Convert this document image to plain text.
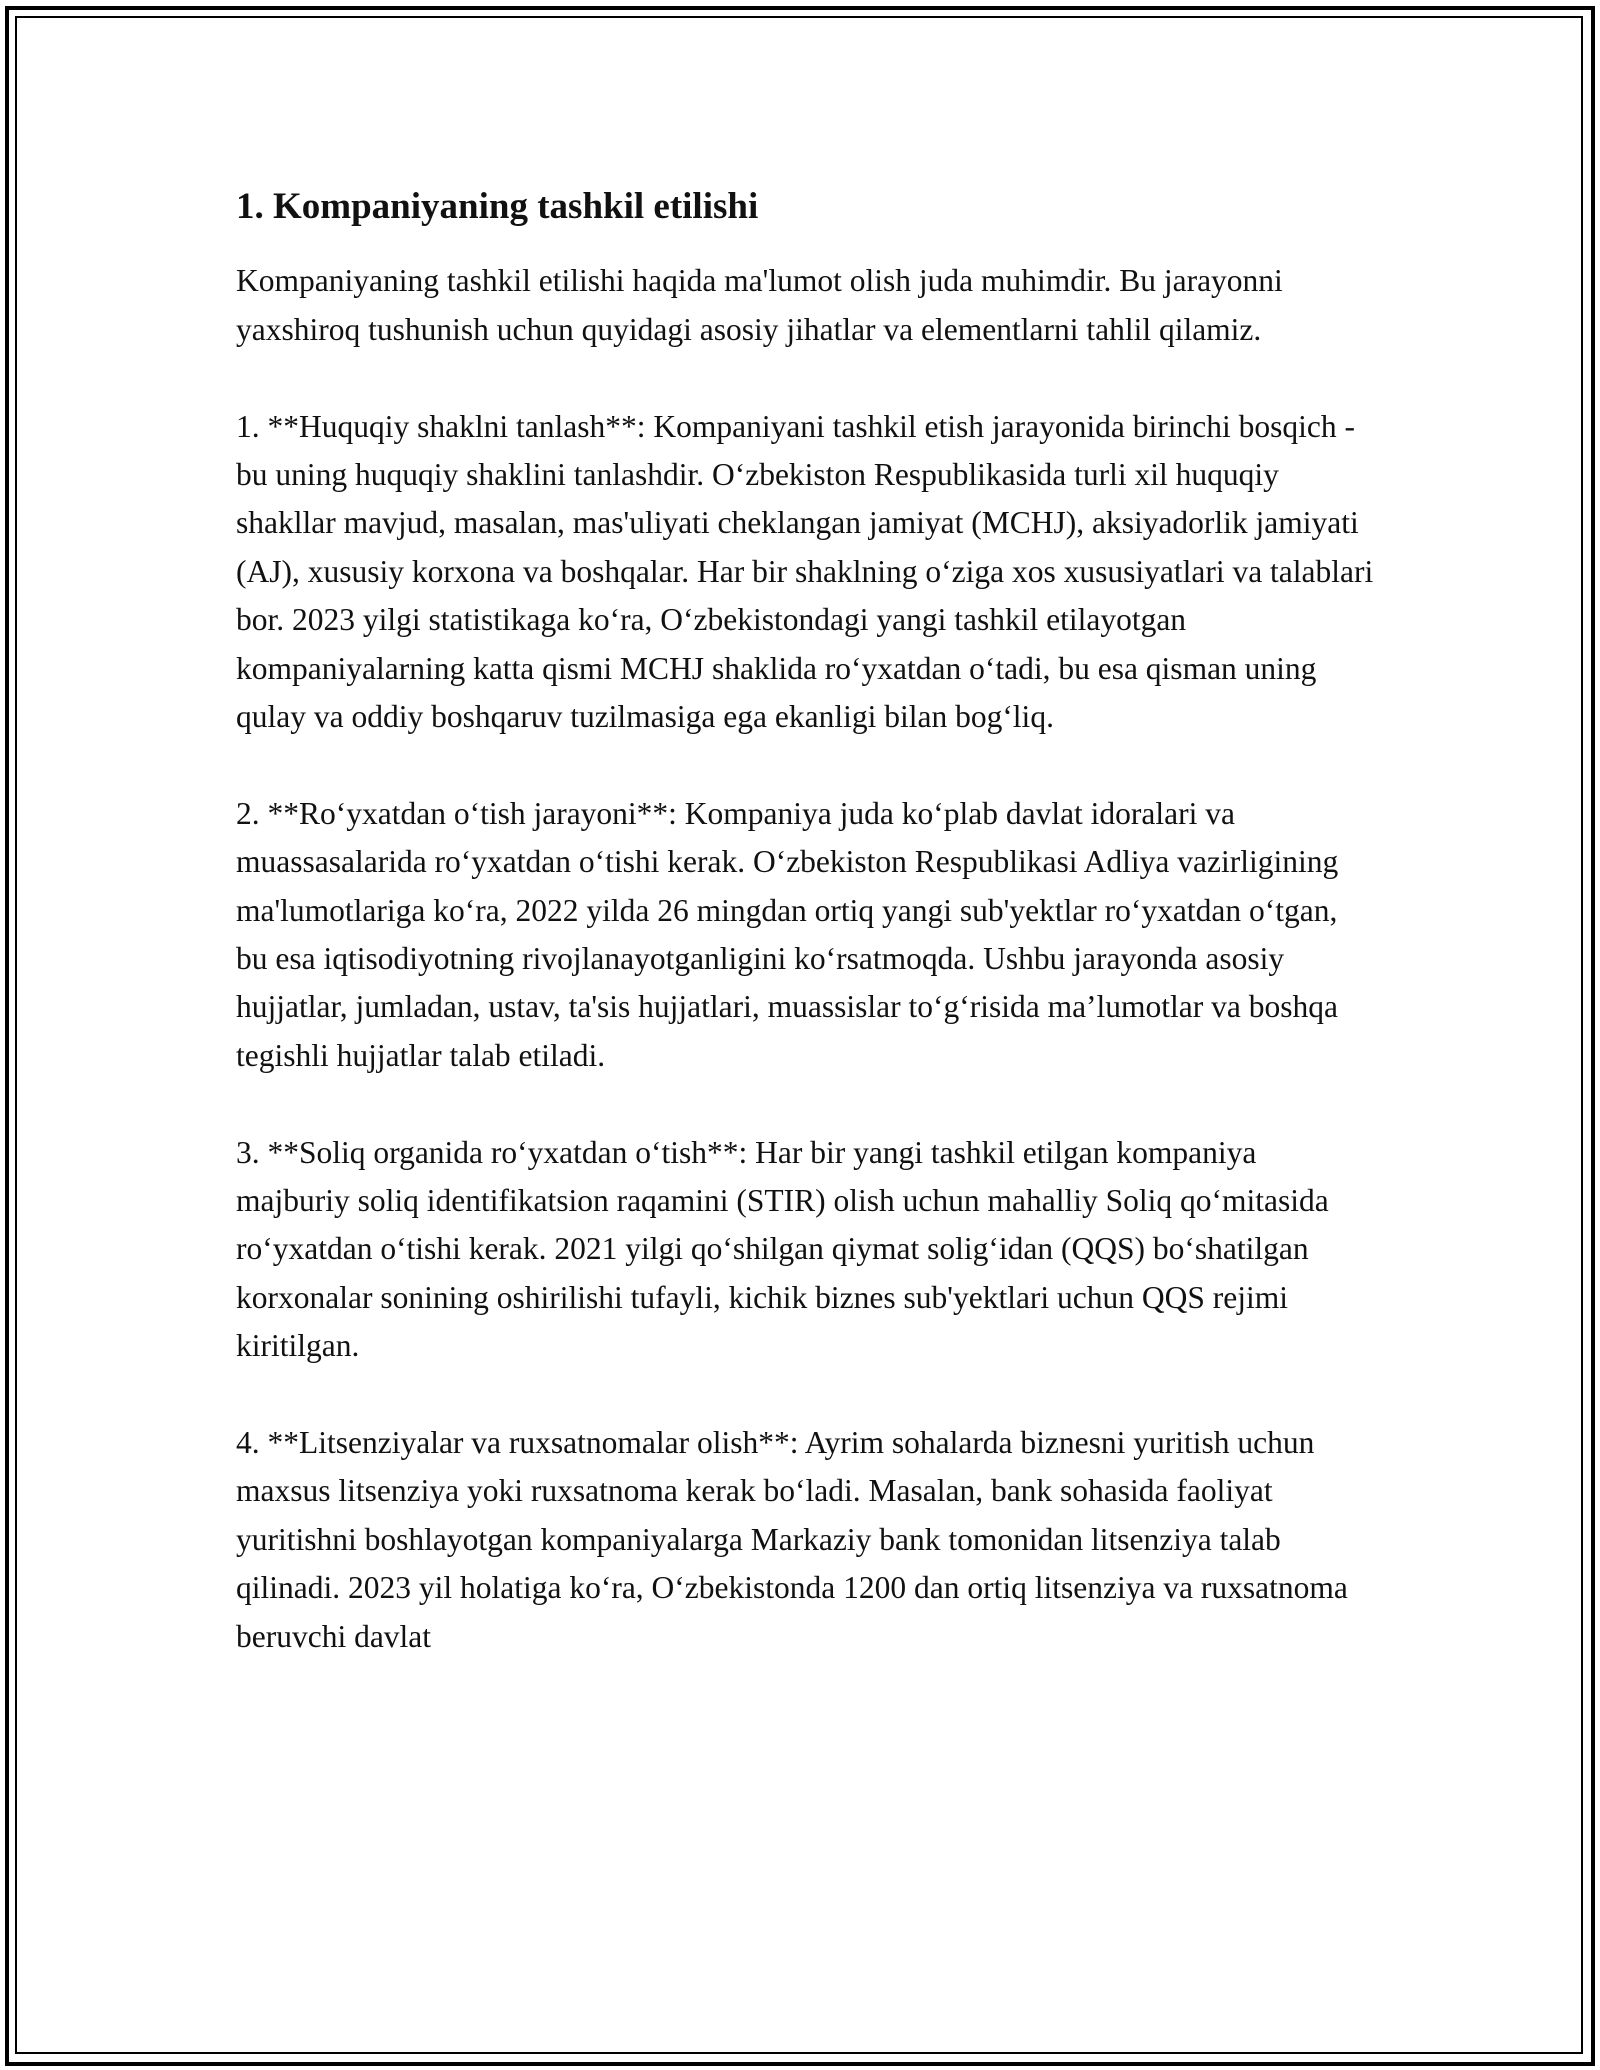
1. Kompaniyaning tashkil etilishi

Kompaniyaning tashkil etilishi haqida ma'lumot olish juda muhimdir. Bu jarayonni yaxshiroq tushunish uchun quyidagi asosiy jihatlar va elementlarni tahlil qilamiz.

1. **Huquqiy shaklni tanlash**: Kompaniyani tashkil etish jarayonida birinchi bosqich - bu uning huquqiy shaklini tanlashdir. O‘zbekiston Respublikasida turli xil huquqiy shakllar mavjud, masalan, mas'uliyati cheklangan jamiyat (MCHJ), aksiyadorlik jamiyati (AJ), xususiy korxona va boshqalar. Har bir shaklning o‘ziga xos xususiyatlari va talablari bor. 2023 yilgi statistikaga ko‘ra, O‘zbekistondagi yangi tashkil etilayotgan kompaniyalarning katta qismi MCHJ shaklida ro‘yxatdan o‘tadi, bu esa qisman uning qulay va oddiy boshqaruv tuzilmasiga ega ekanligi bilan bog‘liq.

2. **Ro‘yxatdan o‘tish jarayoni**: Kompaniya juda ko‘plab davlat idoralari va muassasalarida ro‘yxatdan o‘tishi kerak. O‘zbekiston Respublikasi Adliya vazirligining ma'lumotlariga ko‘ra, 2022 yilda 26 mingdan ortiq yangi sub'yektlar ro‘yxatdan o‘tgan, bu esa iqtisodiyotning rivojlanayotganligini ko‘rsatmoqda. Ushbu jarayonda asosiy hujjatlar, jumladan, ustav, ta'sis hujjatlari, muassislar to‘g‘risida ma’lumotlar va boshqa tegishli hujjatlar talab etiladi.

3. **Soliq organida ro‘yxatdan o‘tish**: Har bir yangi tashkil etilgan kompaniya majburiy soliq identifikatsion raqamini (STIR) olish uchun mahalliy Soliq qo‘mitasida ro‘yxatdan o‘tishi kerak. 2021 yilgi qo‘shilgan qiymat solig‘idan (QQS) bo‘shatilgan korxonalar sonining oshirilishi tufayli, kichik biznes sub'yektlari uchun QQS rejimi kiritilgan.

4. **Litsenziyalar va ruxsatnomalar olish**: Ayrim sohalarda biznesni yuritish uchun maxsus litsenziya yoki ruxsatnoma kerak bo‘ladi. Masalan, bank sohasida faoliyat yuritishni boshlayotgan kompaniyalarga Markaziy bank tomonidan litsenziya talab qilinadi. 2023 yil holatiga ko‘ra, O‘zbekistonda 1200 dan ortiq litsenziya va ruxsatnoma beruvchi davlat
